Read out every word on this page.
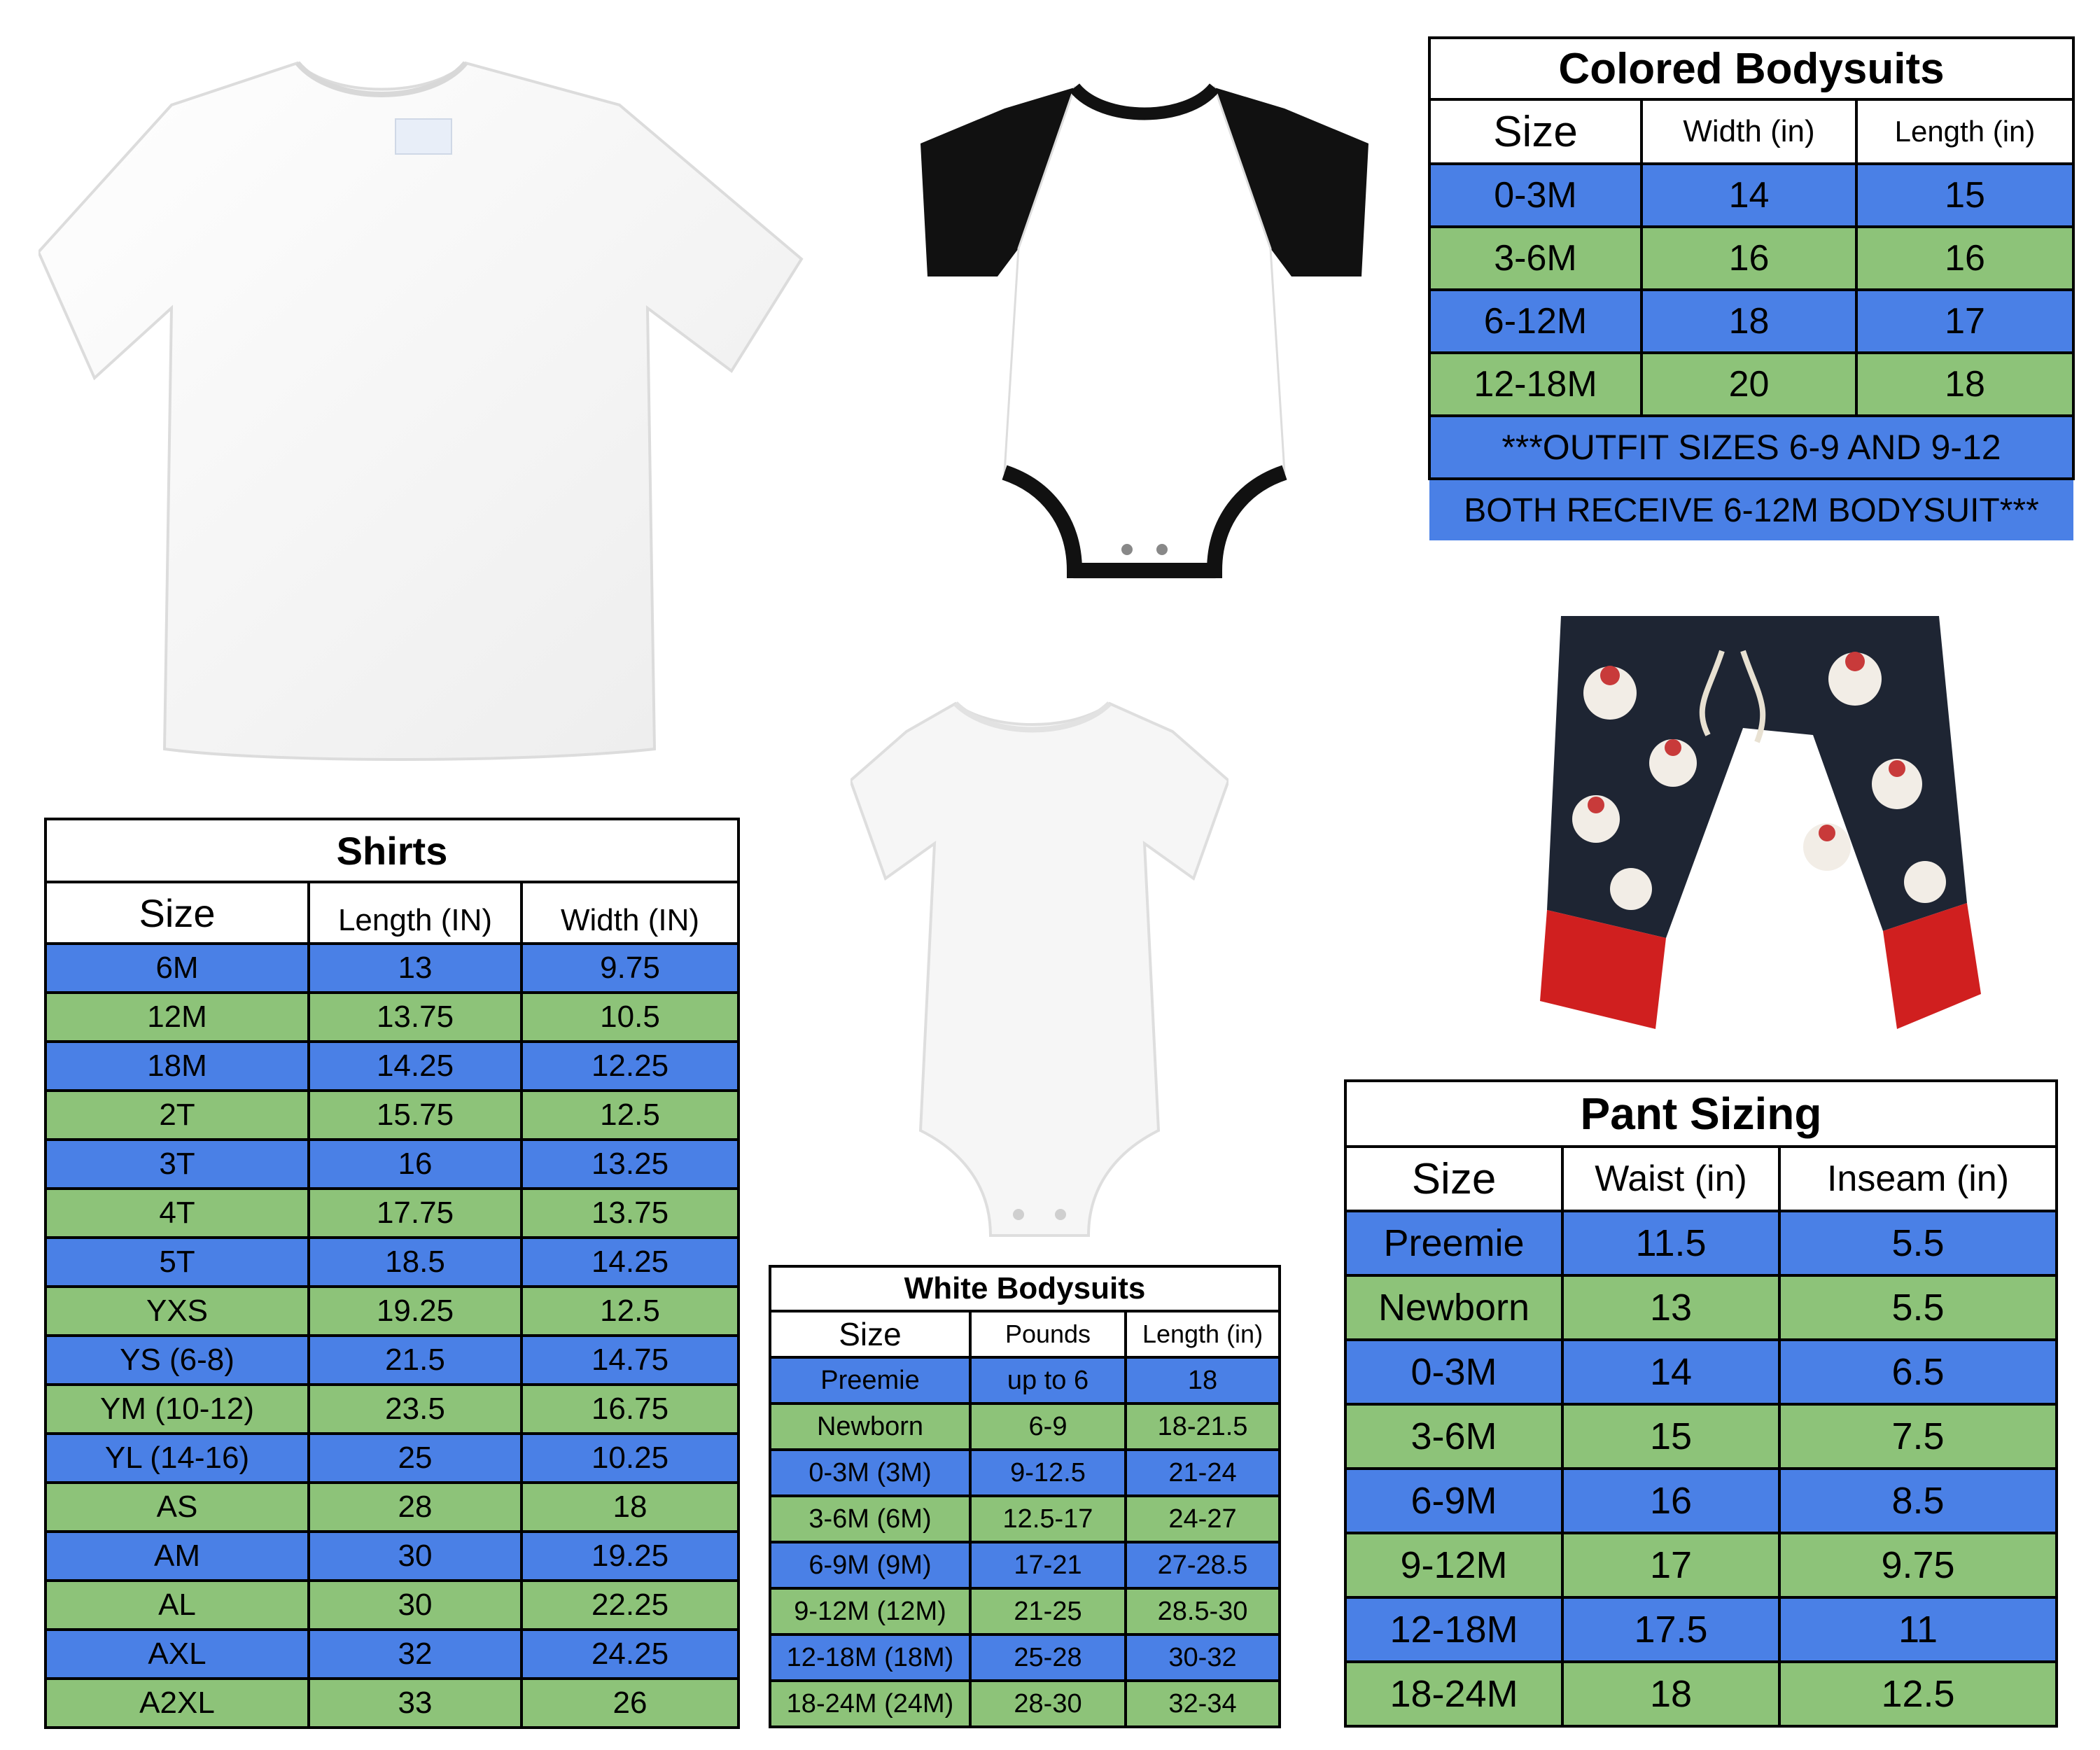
Colored Bodysuits		
Size	Width (in)	Length (in)
0-3M	14	15
3-6M	16	16
6-12M	18	17
12-18M	20	18
***OUTFIT SIZES 6-9 AND 9-12		
BOTH RECEIVE 6-12M BODYSUIT***		
Shirts		
Size	Length (IN)	Width (IN)
6M	13	9.75
12M	13.75	10.5
18M	14.25	12.25
2T	15.75	12.5
3T	16	13.25
4T	17.75	13.75
5T	18.5	14.25
YXS	19.25	12.5
YS (6-8)	21.5	14.75
YM (10-12)	23.5	16.75
YL (14-16)	25	10.25
AS	28	18
AM	30	19.25
AL	30	22.25
AXL	32	24.25
A2XL	33	26
White Bodysuits		
Size	Pounds	Length (in)
Preemie	up to 6	18
Newborn	6-9	18-21.5
0-3M (3M)	9-12.5	21-24
3-6M (6M)	12.5-17	24-27
6-9M (9M)	17-21	27-28.5
9-12M (12M)	21-25	28.5-30
12-18M (18M)	25-28	30-32
18-24M (24M)	28-30	32-34
Pant Sizing		
Size	Waist (in)	Inseam (in)
Preemie	11.5	5.5
Newborn	13	5.5
0-3M	14	6.5
3-6M	15	7.5
6-9M	16	8.5
9-12M	17	9.75
12-18M	17.5	11
18-24M	18	12.5
